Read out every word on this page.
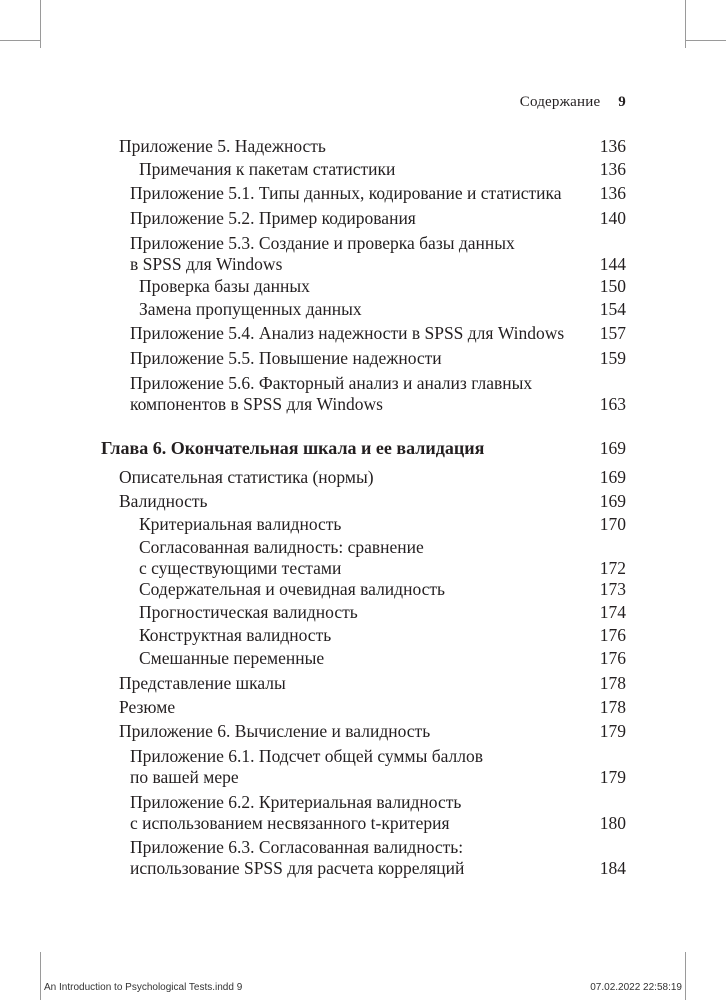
Содержание 9
Приложение 5. Надежность	136
Примечания к пакетам статистики	136
Приложение 5.1. Типы данных, кодирование и статистика 136
Приложение 5.2. Пример кодирования	140
Приложение 5.3. Создание и проверка базы данных
в SPSS для Windows	144
Проверка базы данных	150
Замена пропущенных данных	154
Приложение 5.4. Анализ надежности в SPSS для Windows 157
Приложение 5.5. Повышение надежности	159
Приложение 5.6. Факторный анализ и анализ главных
компонентов в SPSS для Windows	163
Глава 6. Окончательная шкала и ее валидация	169
Описательная статистика (нормы)	169
Валидность	169
Критериальная валидность	170
Согласованная валидность: сравнение
с существующими тестами	172
Содержательная и очевидная валидность	173
Прогностическая валидность	174
Конструктная валидность	176
Смешанные переменные	176
Представление шкалы	178
Резюме	178
Приложение 6. Вычисление и валидность	179
Приложение 6.1. Подсчет общей суммы баллов
по вашей мере	179
Приложение 6.2. Критериальная валидность
с использованием несвязанного t-критерия	180
Приложение 6.3. Согласованная валидность:
использование SPSS для расчета корреляций	184
An Introduction to Psychological Tests.indd 9	07.02.2022 22:58:19
